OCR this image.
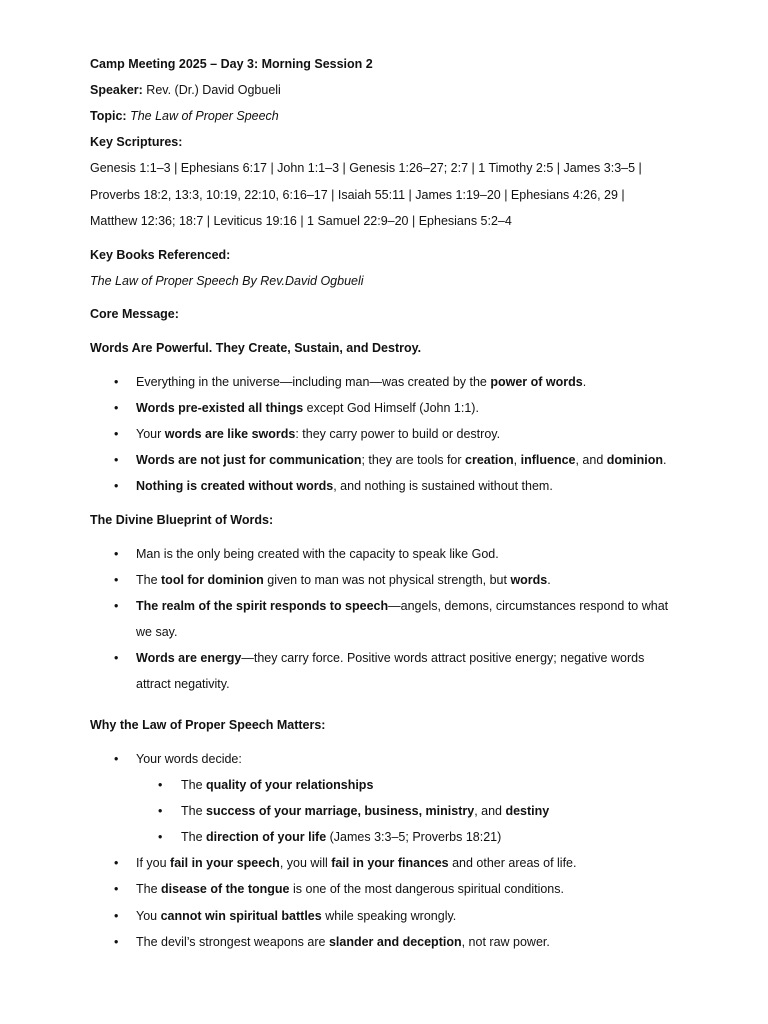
Camp Meeting 2025 – Day 3: Morning Session 2
Speaker: Rev. (Dr.) David Ogbueli
Topic: The Law of Proper Speech
Key Scriptures:
Genesis 1:1–3 | Ephesians 6:17 | John 1:1–3 | Genesis 1:26–27; 2:7 | 1 Timothy 2:5 | James 3:3–5 |
Proverbs 18:2, 13:3, 10:19, 22:10, 6:16–17 | Isaiah 55:11 | James 1:19–20 | Ephesians 4:26, 29 |
Matthew 12:36; 18:7 | Leviticus 19:16 | 1 Samuel 22:9–20 | Ephesians 5:2–4
Key Books Referenced:
The Law of Proper Speech By Rev.David Ogbueli
Core Message:
Words Are Powerful. They Create, Sustain, and Destroy.
• Everything in the universe—including man—was created by the power of words.
• Words pre-existed all things except God Himself (John 1:1).
• Your words are like swords: they carry power to build or destroy.
• Words are not just for communication; they are tools for creation, influence, and dominion.
• Nothing is created without words, and nothing is sustained without them.
The Divine Blueprint of Words:
• Man is the only being created with the capacity to speak like God.
• The tool for dominion given to man was not physical strength, but words.
• The realm of the spirit responds to speech—angels, demons, circumstances respond to what
we say.
• Words are energy—they carry force. Positive words attract positive energy; negative words
attract negativity.
Why the Law of Proper Speech Matters:
• Your words decide:
• The quality of your relationships
• The success of your marriage, business, ministry, and destiny
• The direction of your life (James 3:3–5; Proverbs 18:21)
• If you fail in your speech, you will fail in your finances and other areas of life.
• The disease of the tongue is one of the most dangerous spiritual conditions.
• You cannot win spiritual battles while speaking wrongly.
• The devil’s strongest weapons are slander and deception, not raw power.
